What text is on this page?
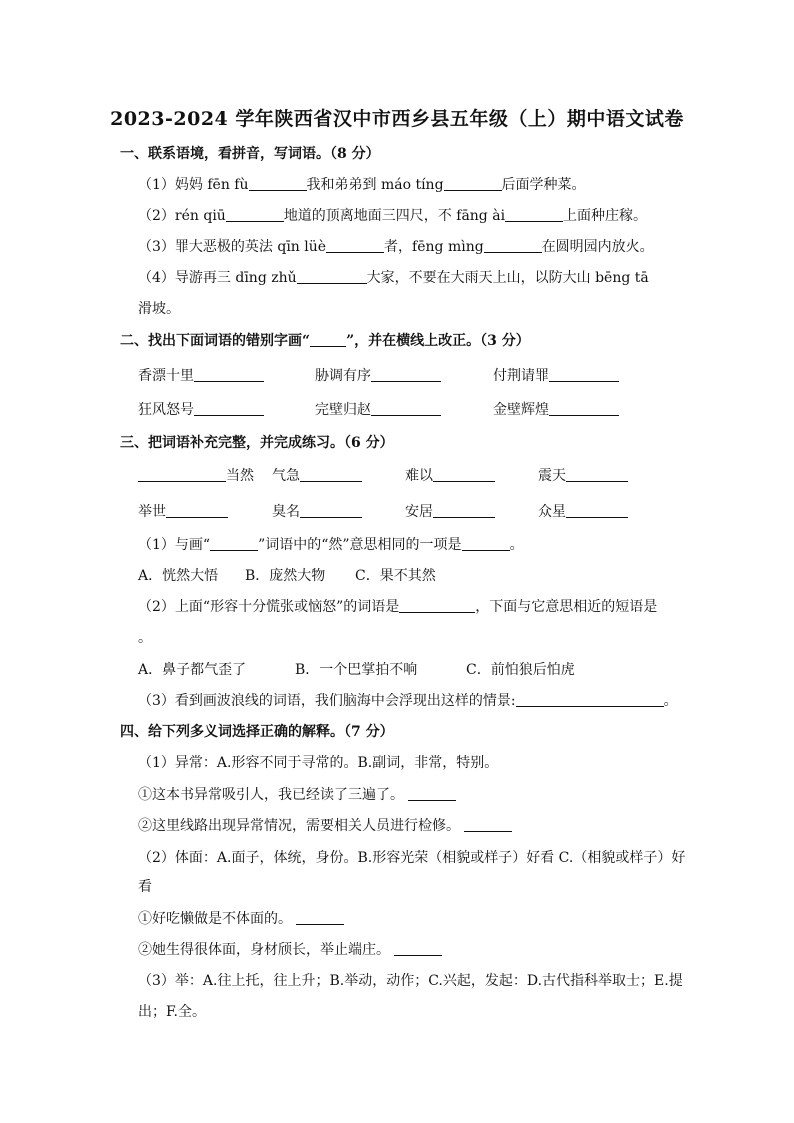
2023-2024 学年陕西省汉中市西乡县五年级（上）期中语文试卷
一、联系语境，看拼音，写词语。（8 分）
（1）妈妈 fēn fù	我和弟弟到 máo tíng	后面学种菜。
（2）rén qiū	地道的顶离地面三四尺，不 fāng ài	上面种庄稼。
（3）罪大恶极的英法 qīn lüè	者，fēng mìng	在圆明园内放火。
（4）导游再三 dīng zhǔ	大家，不要在大雨天上山，以防大山 bēng tā
滑坡。
二、找出下面词语的错别字画“	”，并在横线上改正。（3 分）
香漂十里	胁调有序	付荆请罪
狂风怒号	完壁归赵	金壁辉煌
三、把词语补充完整，并完成练习。（6 分）
当然 气急	难以	震天
举世	臭名	安居	众星
（1）与画“	”词语中的“然”意思相同的一项是	。
A．恍然大悟 B．庞然大物 C．果不其然
（2）上面“形容十分慌张或恼怒”的词语是	，下面与它意思相近的短语是
。
A．鼻子都气歪了	B．一个巴掌拍不响	C．前怕狼后怕虎
（3）看到画波浪线的词语，我们脑海中会浮现出这样的情景:	。
四、给下列多义词选择正确的解释。（7 分）
（1）异常：A.形容不同于寻常的。B.副词，非常，特别。
①这本书异常吸引人，我已经读了三遍了。
②这里线路出现异常情况，需要相关人员进行检修。
（2）体面：A.面子，体统，身份。B.形容光荣（相貌或样子）好看 C.（相貌或样子）好
看
①好吃懒做是不体面的。
②她生得很体面，身材颀长，举止端庄。
（3）举：A.往上托，往上升；B.举动，动作；C.兴起，发起：D.古代指科举取士；E.提
出；F.全。
